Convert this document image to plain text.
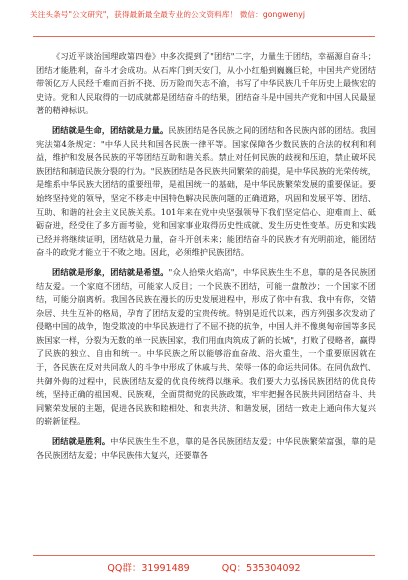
关注头条号"公文研究"，获得最新最全最专业的公文资料库！ 微信：gongwenyj

《习近平谈治国理政第四卷》中多次提到了"团结"二字，力量生于团结，幸福源自奋斗；团结才能胜利，奋斗才会成功。从石库门到天安门，从小小红船到巍巍巨轮，中国共产党团结带领亿万人民经千难而百折不挠、历万险而矢志不渝，书写了中华民族几千年历史上最恢宏的史诗。党和人民取得的一切成就都是团结奋斗的结果，团结奋斗是中国共产党和中国人民最显著的精神标识。

团结就是生命，团结就是力量。民族团结是各民族之间的团结和各民族内部的团结。我国宪法第4条规定："中华人民共和国各民族一律平等。国家保障各少数民族的合法的权利和利益，维护和发展各民族的平等团结互助和谐关系。禁止对任何民族的歧视和压迫，禁止破坏民族团结和制造民族分裂的行为。"民族团结是各民族共同繁荣的前提，是中华民族的光荣传统，是维系中华民族大团结的重要纽带，是祖国统一的基础，是中华民族繁荣发展的重要保证。要始终坚持党的领导，坚定不移走中国特色解决民族问题的正确道路，巩固和发展平等、团结、互助、和谐的社会主义民族关系。101年来在党中央坚强领导下我们坚定信心、迎难而上、砥砺奋进，经受住了多方面考验，党和国家事业取得历史性成就、发生历史性变革。历史和实践已经并将继续证明，团结就是力量，奋斗开创未来；能团结奋斗的民族才有光明前途，能团结奋斗的政党才能立于不败之地。因此，必须维护民族团结。

团结就是形象，团结就是希望。"众人拾柴火焰高"，中华民族生生不息，靠的是各民族团结友爱。一个家庭不团结，可能家人反目；一个民族不团结，可能一盘散沙；一个国家不团结，可能分崩离析。我国各民族在漫长的历史发展进程中，形成了你中有我、我中有你，交错杂居、共生互补的格局，孕育了团结友爱的宝贵传统。特别是近代以来，西方列强多次发动了侵略中国的战争，饱受欺凌的中华民族进行了不屈不挠的抗争，中国人并不像奥匈帝国等多民族国家一样，分裂为无数的单一民族国家，我们用血肉筑成了新的长城"，打败了侵略者，赢得了民族的独立、自由和统一。中华民族之所以能够浴血奋战、浴火重生，一个重要原因就在于，各民族在反对共同敌人的斗争中形成了休戚与共、荣辱一体的命运共同体。在同仇敌忾、共御外侮的过程中，民族团结友爱的优良传统得以继承。我们要大力弘扬民族团结的优良传统，坚持正确的祖国观、民族观，全面贯彻党的民族政策，牢牢把握各民族共同团结奋斗、共同繁荣发展的主题，促进各民族和睦相处、和衷共济、和谐发展，团结一致走上通向伟大复兴的崭新征程。

团结就是胜利。中华民族生生不息，靠的是各民族团结友爱；中华民族繁荣富强，靠的是各民族团结友爱；中华民族伟大复兴，还要靠各

QQ群：31991489	QQ：535304092
